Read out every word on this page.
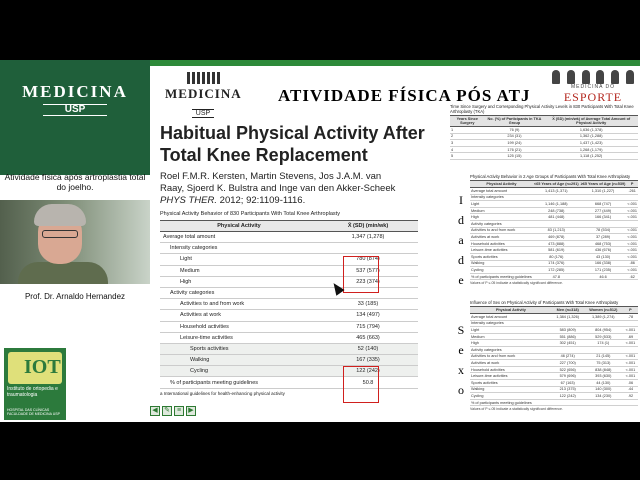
MEDICINA
USP
Atividade física após artroplastia total do joelho.
Prof. Dr. Arnaldo Hernandez
IOT
Instituto de ortopedia e traumatologia
HOSPITAL DAS CLÍNICAS FACULDADE DE MEDICINA USP
MEDICINA
USP
ATIVIDADE FÍSICA PÓS ATJ	MEDICINA DO
ESPORTE
Habitual Physical Activity After
Total Knee Replacement
Roel F.M.R. Kersten, Martin Stevens, Jos J.A.M. van
Raay, Sjoerd K. Bulstra and Inge van den Akker-Scheek
PHYS THER. 2012; 92:1109-1116.
Physical Activity Behavior of 830 Participants With Total Knee Arthroplasty
Physical Activity	X̄ (SD) (min/wk)
Average total amount	1,347 (1,278)
Intensity categories	
Light	780 (874)
Medium	537 (577)
High	223 (374)
Activity categories	
Activities to and from work	33 (185)
Activities at work	134 (497)
Household activities	715 (794)
Leisure-time activities	465 (663)
Sports activities	52 (140)
Walking	167 (335)
Cycling	122 (242)
% of participants meeting guidelines	50.8
a International guidelines for health-enhancing physical activity
I
d
a
d
e
S
e
x
o
Time Since Surgery and Corresponding Physical Activity Levels in 830 Participants With Total Knee Arthroplasty (TKA)
Years Since Surgery	No. (%) of Participants in TKA Group	X̄ (SD) (min/wk) of Average Total Amount of Physical Activity
1	76 (9)	1,636 (1,378)
2	234 (31)	1,362 (1,288)
3	199 (24)	1,437 (1,423)
4	176 (21)	1,268 (1,179)
5	125 (15)	1,118 (1,252)
Physical Activity Behavior in 2 Age Groups of Participants With Total Knee Arthroplasty
Physical Activity	<65 Years of Age (n=291)	≥65 Years of Age (n=539)	P
Average total amount	1,413 (1,371)	1,310 (1,227)	.261
Intensity categories			
Light	1,146 (1,188)	668 (747)	<.001
Medium	248 (738)	277 (449)	<.001
High	481 (448)	166 (341)	<.001
Activity categories			
Activities to and from work	83 (1,213)	78 (534)	<.001
Activities at work	469 (878)	37 (289)	<.001
Household activities	473 (888)	468 (753)	<.001
Leisure-time activities	581 (619)	436 (676)	<.001
Sports activities	80 (176)	43 (130)	<.001
Walking	174 (376)	166 (338)	.86
Cycling	172 (285)	171 (235)	<.001
% of participants meeting guidelines	47.8	46.6	.62
Values of P ≤.05 indicate a statistically significant difference.
Influence of Sex on Physical Activity of Participants With Total Knee Arthroplasty
Physical Activity	Men (n=318)	Women (n=512)	P
Average total amount	1,384 (1,326)	1,389 (1,274)	.78
Intensity categories			
Light	583 (809)	804 (954)	<.001
Medium	551 (886)	529 (533)	.69
High	302 (451)	174 (1)	<.001
Activity categories			
Activities to and from work	46 (274)	21 (145)	<.001
Activities at work	227 (700)	75 (313)	<.001
Household activities	522 (656)	838 (848)	<.001
Leisure-time activities	579 (696)	393 (630)	<.001
Sports activities	67 (163)	44 (130)	.06
Walking	213 (375)	140 (300)	.44
Cycling	122 (242)	134 (230)	.92
% of participants meeting guidelines			
Values of P ≤.05 indicate a statistically significant difference.
◀ ✎	≡	▶
